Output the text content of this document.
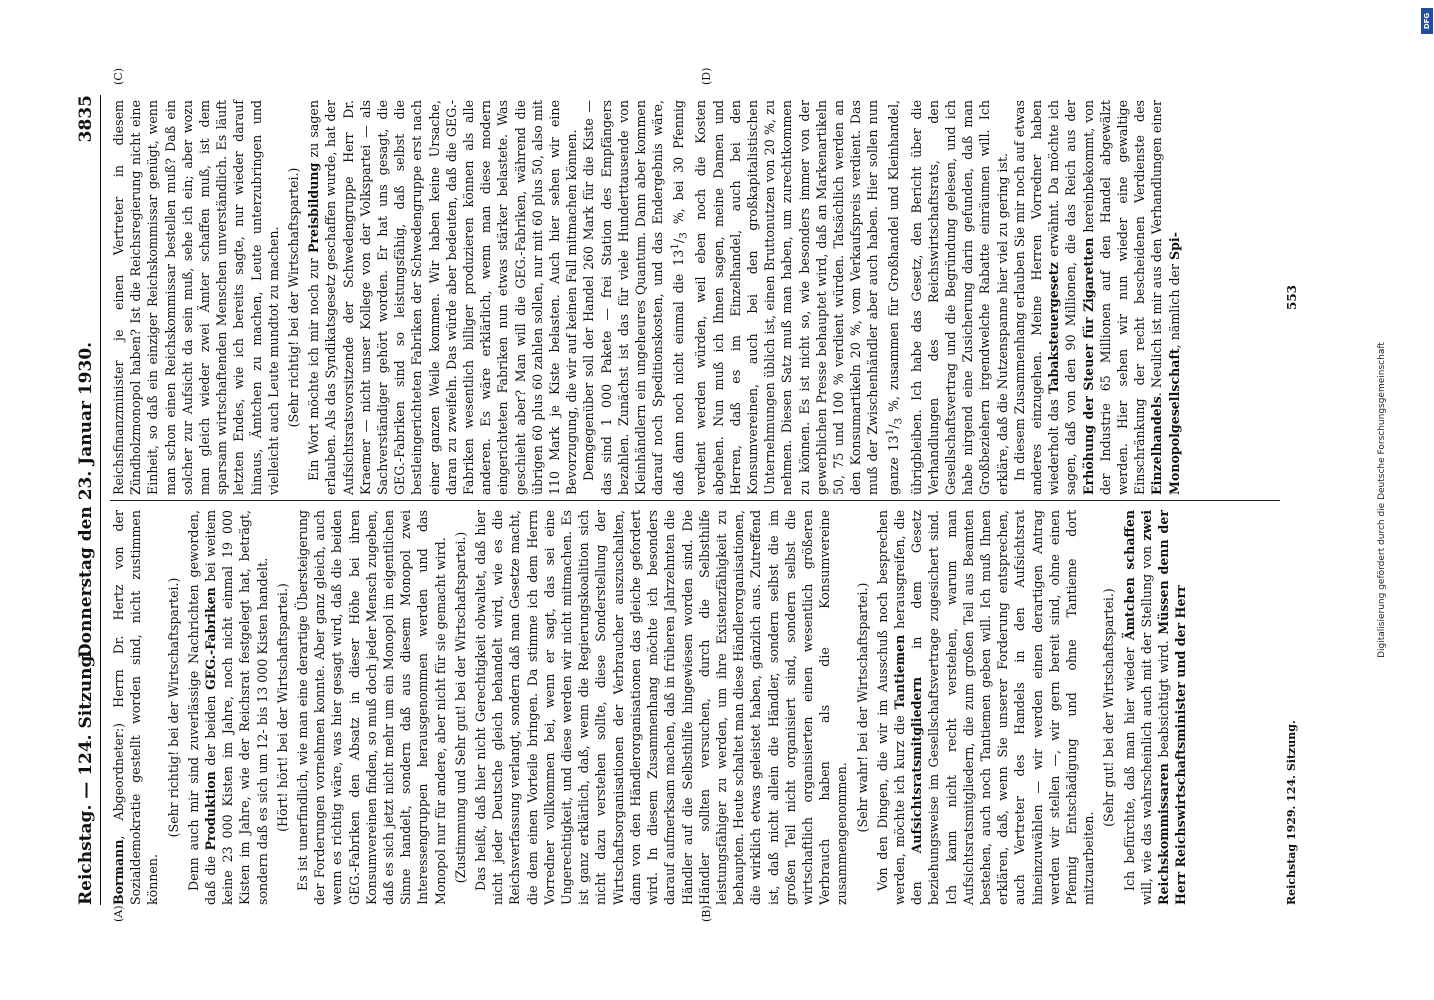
Reichstag. — 124. Sitzung.
Donnerstag den 23. Januar 1930.
3835
(A)	(B)
(C)	(D)

Bormann, Abgeordneter:) Herrn Dr. Hertz von der Sozialdemokratie gestellt worden sind, nicht zustimmen können.

(Sehr richtig! bei der Wirtschaftspartei.) Denn auch mir sind zuverlässige Nachrichten geworden, daß die Produktion der beiden GEG.-Fabriken bei weitem keine 23 000 Kisten im Jahre, noch nicht einmal 19 000 Kisten im Jahre, wie der Reichsrat festgelegt hat, beträgt, sondern daß es sich um 12- bis 13 000 Kisten handelt. (Hört! hört! bei der Wirtschaftspartei.) Es ist unerfindlich, wie man eine derartige Übersteigerung der Forderungen vornehmen konnte. Aber ganz gleich, auch wenn es richtig wäre, was hier gesagt wird, daß die beiden GEG.-Fabriken den Absatz in dieser Höhe bei ihren Konsumvereinen finden, so muß doch jeder Mensch zugeben, daß es sich jetzt nicht mehr um ein Monopol im eigentlichen Sinne handelt, sondern daß aus diesem Monopol zwei Interessengruppen herausgenommen werden und das Monopol nur für andere, aber nicht für sie gemacht wird. (Zustimmung und Sehr gut! bei der Wirtschaftspartei.) Das heißt, daß hier nicht Gerechtigkeit obwaltet, daß hier nicht jeder Deutsche gleich behandelt wird, wie es die Reichsverfassung verlangt, sondern daß man Gesetze macht, die dem einen Vorteile bringen. Da stimme ich dem Herrn Vorredner vollkommen bei, wenn er sagt, das sei eine Ungerechtigkeit, und diese werden wir nicht mitmachen. Es ist ganz erklärlich, daß, wenn die Regierungskoalition sich nicht dazu verstehen sollte, diese Sonderstellung der Wirtschaftsorganisationen der Verbraucher auszuschalten, dann von den Händlerorganisationen das gleiche gefordert wird. In diesem Zusammenhang möchte ich besonders darauf aufmerksam machen, daß in früheren Jahrzehnten die Händler auf die Selbsthilfe hingewiesen worden sind. Die Händler sollten versuchen, durch die Selbsthilfe leistungsfähiger zu werden, um ihre Existenzfähigkeit zu behaupten. Heute schaltet man diese Händlerorganisationen, die wirklich etwas geleistet haben, gänzlich aus. Zutreffend ist, daß nicht allein die Händler, sondern selbst die im großen Teil nicht organisiert sind, sondern selbst die wirtschaftlich organisierten einen wesentlich größeren Verbrauch haben als die Konsumvereine zusammengenommen.

(Sehr wahr! bei der Wirtschaftspartei.) Von den Dingen, die wir im Ausschuß noch besprechen werden, möchte ich kurz die Tantiemen herausgreifen, die den Aufsichtsratsmitgliedern in dem Gesetz beziehungsweise im Gesellschaftsvertrage zugesichert sind. Ich kann nicht recht verstehen, warum man Aufsichtsratsmitgliedern, die zum großen Teil aus Beamten bestehen, auch noch Tantiemen geben will. Ich muß Ihnen erklären, daß, wenn Sie unserer Forderung entsprechen, auch Vertreter des Handels in den Aufsichtsrat hineinzuwählen — wir werden einen derartigen Antrag werden wir stellen —, wir gern bereit sind, ohne einen Pfennig Entschädigung und ohne Tantieme dort mitzuarbeiten.

(Sehr gut! bei der Wirtschaftspartei.) Ich befürchte, daß man hier wieder Ämtchen schaffen will, wie das wahrscheinlich auch mit der Stellung von zwei Reichskommissaren beabsichtigt wird. Müssen denn der Herr Reichswirtschaftsminister und der Herr

Reichsfinanzminister je einen Vertreter in diesem Zündholzmonopol haben? Ist die Reichsregierung nicht eine Einheit, so daß ein einziger Reichskommissar genügt, wenn man schon einen Reichskommissar bestellen muß? Daß ein solcher zur Aufsicht da sein muß, sehe ich ein; aber wozu man gleich wieder zwei Ämter schaffen muß, ist dem sparsam wirtschaftenden Menschen unverständlich. Es läuft letzten Endes, wie ich bereits sagte, nur wieder darauf hinaus, Ämtchen zu machen, Leute unterzubringen und vielleicht auch Leute mundtot zu machen. (Sehr richtig! bei der Wirtschaftspartei.) Ein Wort möchte ich mir noch zur Preisbildung zu sagen erlauben. Als das Syndikatsgesetz geschaffen wurde, hat der Aufsichtsratsvorsitzende der Schwedengruppe Herr Dr. Kraemer — nicht unser Kollege von der Volkspartei — als Sachverständiger gehört worden. Er hat uns gesagt, die GEG.-Fabriken sind so leistungsfähig, daß selbst die bestleingerichteten Fabriken der Schwedengruppe erst nach einer ganzen Weile kommen. Wir haben keine Ursache, daran zu zweifeln. Das würde aber bedeuten, daß die GEG.-Fabriken wesentlich billiger produzieren können als alle anderen. Es wäre erklärlich, wenn man diese modern eingerichteten Fabriken nun etwas stärker belastete. Was geschieht aber? Man will die GEG.-Fabriken, während die übrigen 60 plus 60 zahlen sollen, nur mit 60 plus 50, also mit 110 Mark je Kiste belasten. Auch hier sehen wir eine Bevorzugung, die wir auf keinen Fall mitmachen können. Demgegenüber soll der Handel 260 Mark für die Kiste — das sind 1 000 Pakete — frei Station des Empfängers bezahlen. Zunächst ist das für viele Hunderttausende von Kleinhändlern ein ungeheures Quantum. Dann aber kommen darauf noch Speditionskosten, und das Endergebnis wäre, daß dann noch nicht einmal die $13^1/_3$ %, bei 30 Pfennig verdient werden würden, weil eben noch die Kosten abgehen. Nun muß ich Ihnen sagen, meine Damen und Herren, daß es im Einzelhandel, auch bei den Konsumvereinen, auch bei den großkapitalistischen Unternehmungen üblich ist, einen Bruttonutzen von 20 %, zu nehmen. Diesen Satz muß man haben, um zurechtkommen zu können. Es ist nicht so, wie besonders immer von der gewerblichen Presse behauptet wird, daß an Markenartikeln 50, 75 und 100 % verdient würden. Tatsächlich werden an den Konsumartikeln 20 %, vom Verkaufspreis verdient. Das muß der Zwischenhändler aber auch haben. Hier sollen nun ganze $13^1/_3$ %, zusammen für Großhandel und Kleinhandel, übrigbleiben. Ich habe das Gesetz, den Bericht über die Verhandlungen des Reichswirtschaftsrats, den Gesellschaftsvertrag und die Begründung gelesen, und ich habe nirgend eine Zusicherung darin gefunden, daß man Großbeziehern irgendwelche Rabatte einräumen will. Ich erkläre, daß die Nutzenspanne hier viel zu gering ist. In diesem Zusammenhang erlauben Sie mir noch auf etwas anderes einzugehen. Meine Herren Vorredner haben wiederholt das Tabaksteuergesetz erwähnt. Da möchte ich sagen, daß von den 90 Millionen, die das Reich aus der Erhöhung der Steuer für Zigaretten hereinbekommt, von der Industrie 65 Millionen auf den Handel abgewälzt werden. Hier sehen wir nun wieder eine gewaltige Einschränkung der recht bescheidenen Verdienste des Einzelhandels. Neulich ist mir aus den Verhandlungen einer Monopolgesellschaft, nämlich der Spi-

Reichstag 1929. 124. Sitzung.
553
Digitalisierung gefördert durch die Deutsche Forschungsgemeinschaft
DFG
